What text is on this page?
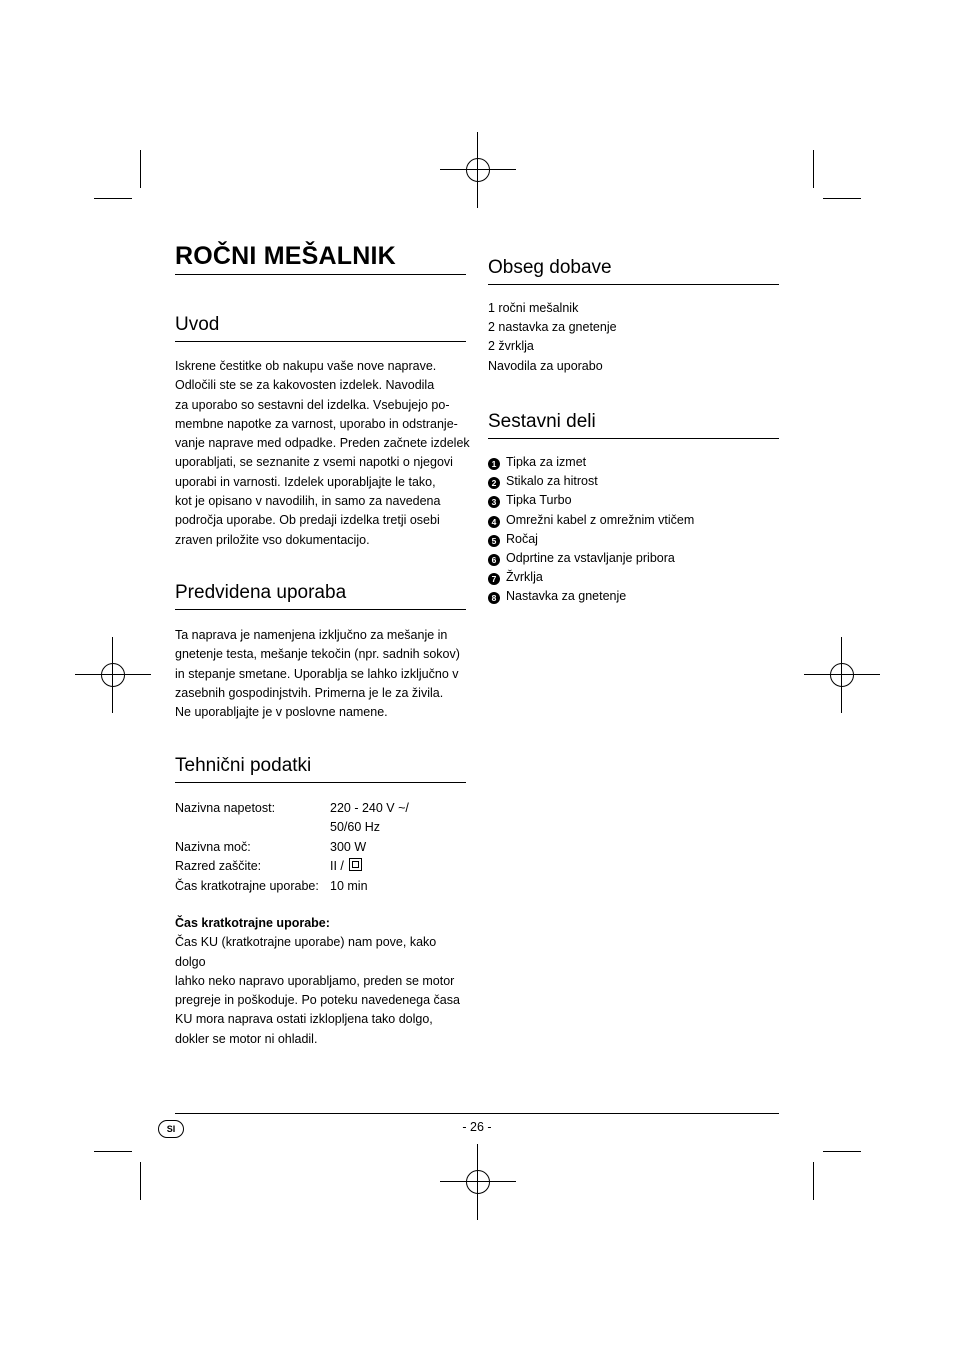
ROČNI MEŠALNIK
Uvod
Iskrene čestitke ob nakupu vaše nove naprave.
Odločili ste se za kakovosten izdelek. Navodila
za uporabo so sestavni del izdelka. Vsebujejo po-
membne napotke za varnost, uporabo in odstranje-
vanje naprave med odpadke. Preden začnete izdelek
uporabljati, se seznanite z vsemi napotki o njegovi
uporabi in varnosti. Izdelek uporabljajte le tako,
kot je opisano v navodilih, in samo za navedena
področja uporabe. Ob predaji izdelka tretji osebi
zraven priložite vso dokumentacijo.
Predvidena uporaba
Ta naprava je namenjena izključno za mešanje in
gnetenje testa, mešanje tekočin (npr. sadnih sokov)
in stepanje smetane. Uporablja se lahko izključno v
zasebnih gospodinjstvih. Primerna je le za živila.
Ne uporabljajte je v poslovne namene.
Tehnični podatki
Nazivna napetost:	220 - 240 V ~/
50/60 Hz
Nazivna moč:	300 W
Razred zaščite:	II /
Čas kratkotrajne uporabe: 10 min
Čas kratkotrajne uporabe:
Čas KU (kratkotrajne uporabe) nam pove, kako dolgo
lahko neko napravo uporabljamo, preden se motor
pregreje in poškoduje. Po poteku navedenega časa
KU mora naprava ostati izklopljena tako dolgo,
dokler se motor ni ohladil.
Obseg dobave
1 ročni mešalnik
2 nastavka za gnetenje
2 žvrklja
Navodila za uporabo
Sestavni deli
1 Tipka za izmet
2 Stikalo za hitrost
3 Tipka Turbo
4 Omrežni kabel z omrežnim vtičem
5 Ročaj
6 Odprtine za vstavljanje pribora
7 Žvrklja
8 Nastavka za gnetenje
SI	- 26 -
